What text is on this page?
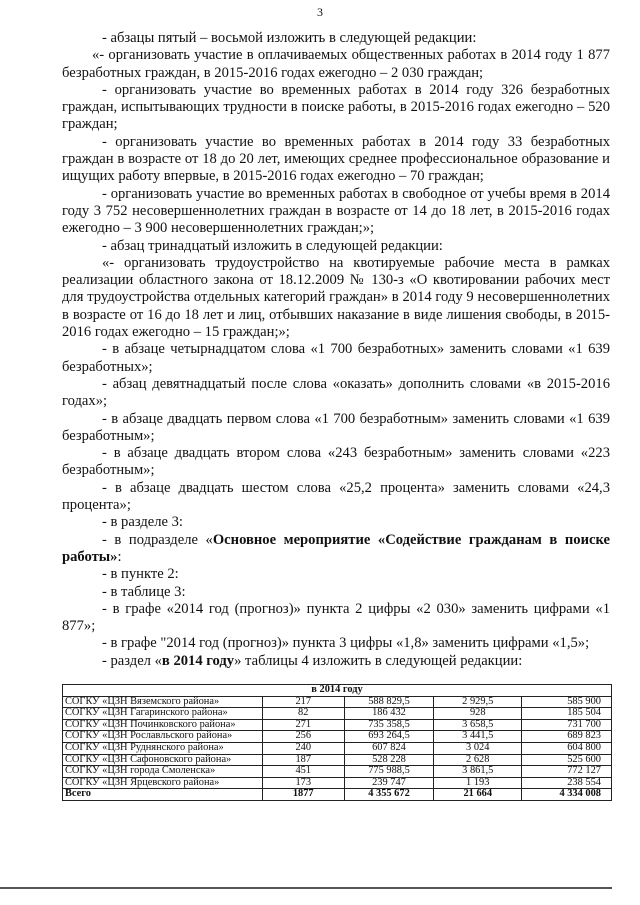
3

- абзацы пятый – восьмой изложить в следующей редакции:

«- организовать участие в оплачиваемых общественных работах в 2014 году 1 877 безработных граждан, в 2015-2016 годах ежегодно – 2 030 граждан;

- организовать участие во временных работах в 2014 году 326 безработных граждан, испытывающих трудности в поиске работы, в 2015-2016 годах ежегодно – 520 граждан;

- организовать участие во временных работах в 2014 году 33 безработных граждан в возрасте от 18 до 20 лет, имеющих среднее профессиональное образование и ищущих работу впервые, в 2015-2016 годах ежегодно – 70 граждан;

- организовать участие во временных работах в свободное от учебы время в 2014 году 3 752 несовершеннолетних граждан в возрасте от 14 до 18 лет, в 2015-2016 годах ежегодно – 3 900 несовершеннолетних граждан;»;

- абзац тринадцатый изложить в следующей редакции:

«- организовать трудоустройство на квотируемые рабочие места в рамках реализации областного закона от 18.12.2009 № 130-з «О квотировании рабочих мест для трудоустройства отдельных категорий граждан» в 2014 году 9 несовершеннолетних в возрасте от 16 до 18 лет и лиц, отбывших наказание в виде лишения свободы, в 2015-2016 годах ежегодно – 15 граждан;»;

- в абзаце четырнадцатом слова «1 700 безработных» заменить словами «1 639 безработных»;

- абзац девятнадцатый после слова «оказать» дополнить словами «в 2015-2016 годах»;

- в абзаце двадцать первом слова «1 700 безработным» заменить словами «1 639 безработным»;

- в абзаце двадцать втором слова «243 безработным» заменить словами «223 безработным»;

- в абзаце двадцать шестом слова «25,2 процента» заменить словами «24,3 процента»;

- в разделе 3:

- в подразделе «Основное мероприятие «Содействие гражданам в поиске работы»:

- в пункте 2:

- в таблице 3:

- в графе «2014 год (прогноз)» пункта 2 цифры «2 030» заменить цифрами «1 877»;

- в графе "2014 год (прогноз)» пункта 3 цифры «1,8» заменить цифрами «1,5»;

- раздел «в 2014 году» таблицы 4 изложить в следующей редакции:

в 2014 году				
СОГКУ «ЦЗН Вяземского района»	217	588 829,5	2 929,5	585 900
СОГКУ «ЦЗН Гагаринского района»	82	186 432	928	185 504
СОГКУ «ЦЗН Починковского района»	271	735 358,5	3 658,5	731 700
СОГКУ «ЦЗН Рославльского района»	256	693 264,5	3 441,5	689 823
СОГКУ «ЦЗН Руднянского района»	240	607 824	3 024	604 800
СОГКУ «ЦЗН Сафоновского района»	187	528 228	2 628	525 600
СОГКУ «ЦЗН города Смоленска»	451	775 988,5	3 861,5	772 127
СОГКУ «ЦЗН Ярцевского района»	173	239 747	1 193	238 554
Всего	1877	4 355 672	21 664	4 334 008
